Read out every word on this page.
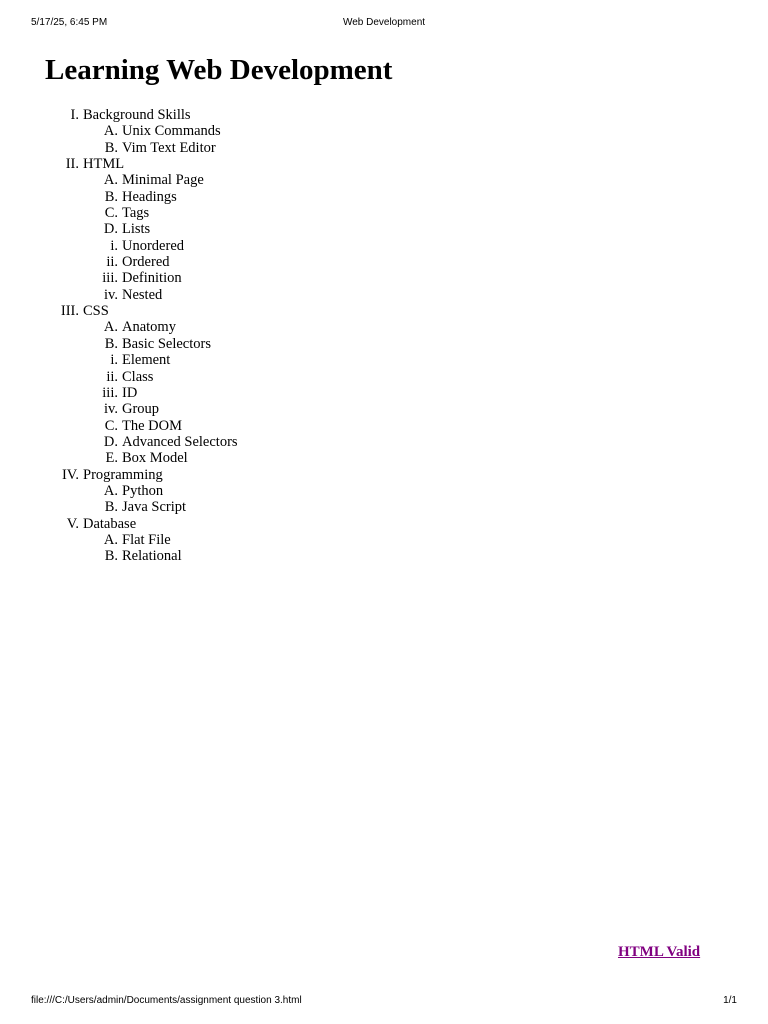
5/17/25, 6:45 PM	Web Development
Learning Web Development
I. Background Skills
A. Unix Commands
B. Vim Text Editor
II. HTML
A. Minimal Page
B. Headings
C. Tags
D. Lists
i. Unordered
ii. Ordered
iii. Definition
iv. Nested
III. CSS
A. Anatomy
B. Basic Selectors
i. Element
ii. Class
iii. ID
iv. Group
C. The DOM
D. Advanced Selectors
E. Box Model
IV. Programming
A. Python
B. Java Script
V. Database
A. Flat File
B. Relational
HTML Valid
file:///C:/Users/admin/Documents/assignment question 3.html	1/1
